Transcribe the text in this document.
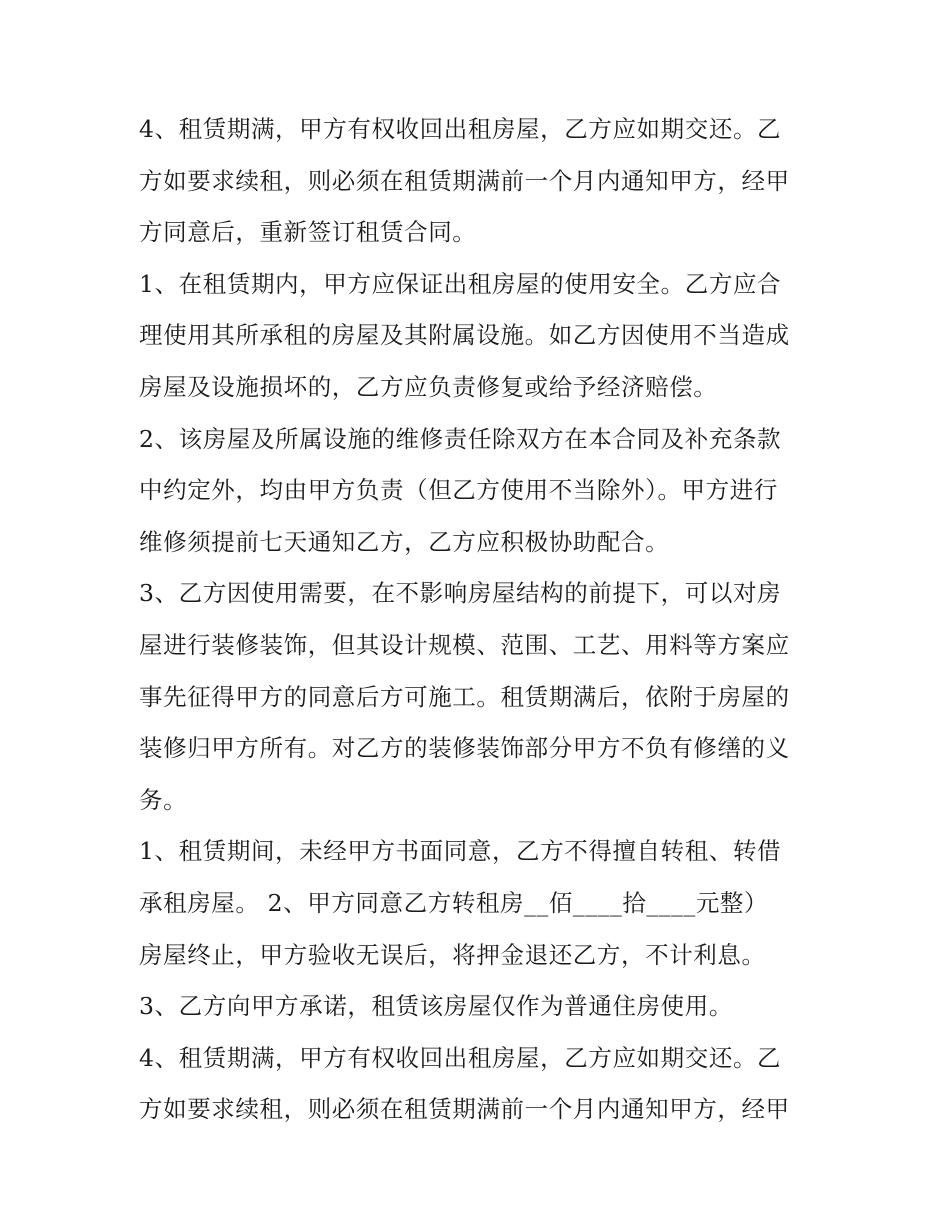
4、租赁期满，甲方有权收回出租房屋，乙方应如期交还。乙
方如要求续租，则必须在租赁期满前一个月内通知甲方，经甲
方同意后，重新签订租赁合同。

1、在租赁期内，甲方应保证出租房屋的使用安全。乙方应合
理使用其所承租的房屋及其附属设施。如乙方因使用不当造成
房屋及设施损坏的，乙方应负责修复或给予经济赔偿。

2、该房屋及所属设施的维修责任除双方在本合同及补充条款
中约定外，均由甲方负责（但乙方使用不当除外）。甲方进行
维修须提前七天通知乙方，乙方应积极协助配合。

3、乙方因使用需要，在不影响房屋结构的前提下，可以对房
屋进行装修装饰，但其设计规模、范围、工艺、用料等方案应
事先征得甲方的同意后方可施工。租赁期满后，依附于房屋的
装修归甲方所有。对乙方的装修装饰部分甲方不负有修缮的义
务。

1、租赁期间，未经甲方书面同意，乙方不得擅自转租、转借
承租房屋。 2、甲方同意乙方转租房__佰____拾____元整）
房屋终止，甲方验收无误后，将押金退还乙方，不计利息。

3、乙方向甲方承诺，租赁该房屋仅作为普通住房使用。

4、租赁期满，甲方有权收回出租房屋，乙方应如期交还。乙
方如要求续租，则必须在租赁期满前一个月内通知甲方，经甲
